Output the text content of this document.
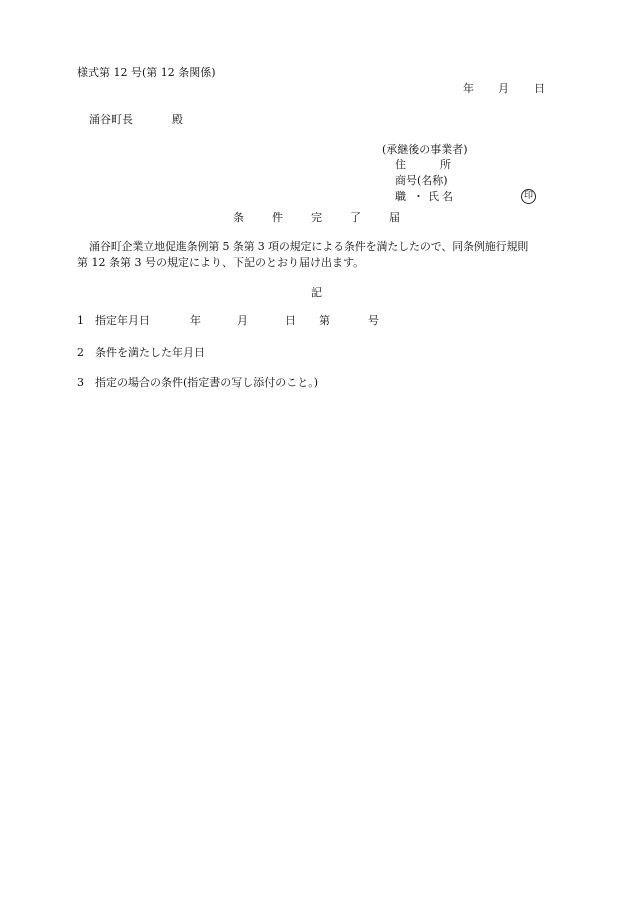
様式第 12 号(第 12 条関係)
年 月 日
涌谷町長	殿
(承継後の事業者)
住	所
商号(名称)
職 ・ 氏 名	印
条	件	完	了	届
涌谷町企業立地促進条例第 5 条第 3 項の規定による条件を満たしたので、同条例施行規則
第 12 条第 3 号の規定により、下記のとおり届け出ます。
記
1 指定年月日	年	月	日 第	号
2 条件を満たした年月日
3 指定の場合の条件(指定書の写し添付のこと。)
